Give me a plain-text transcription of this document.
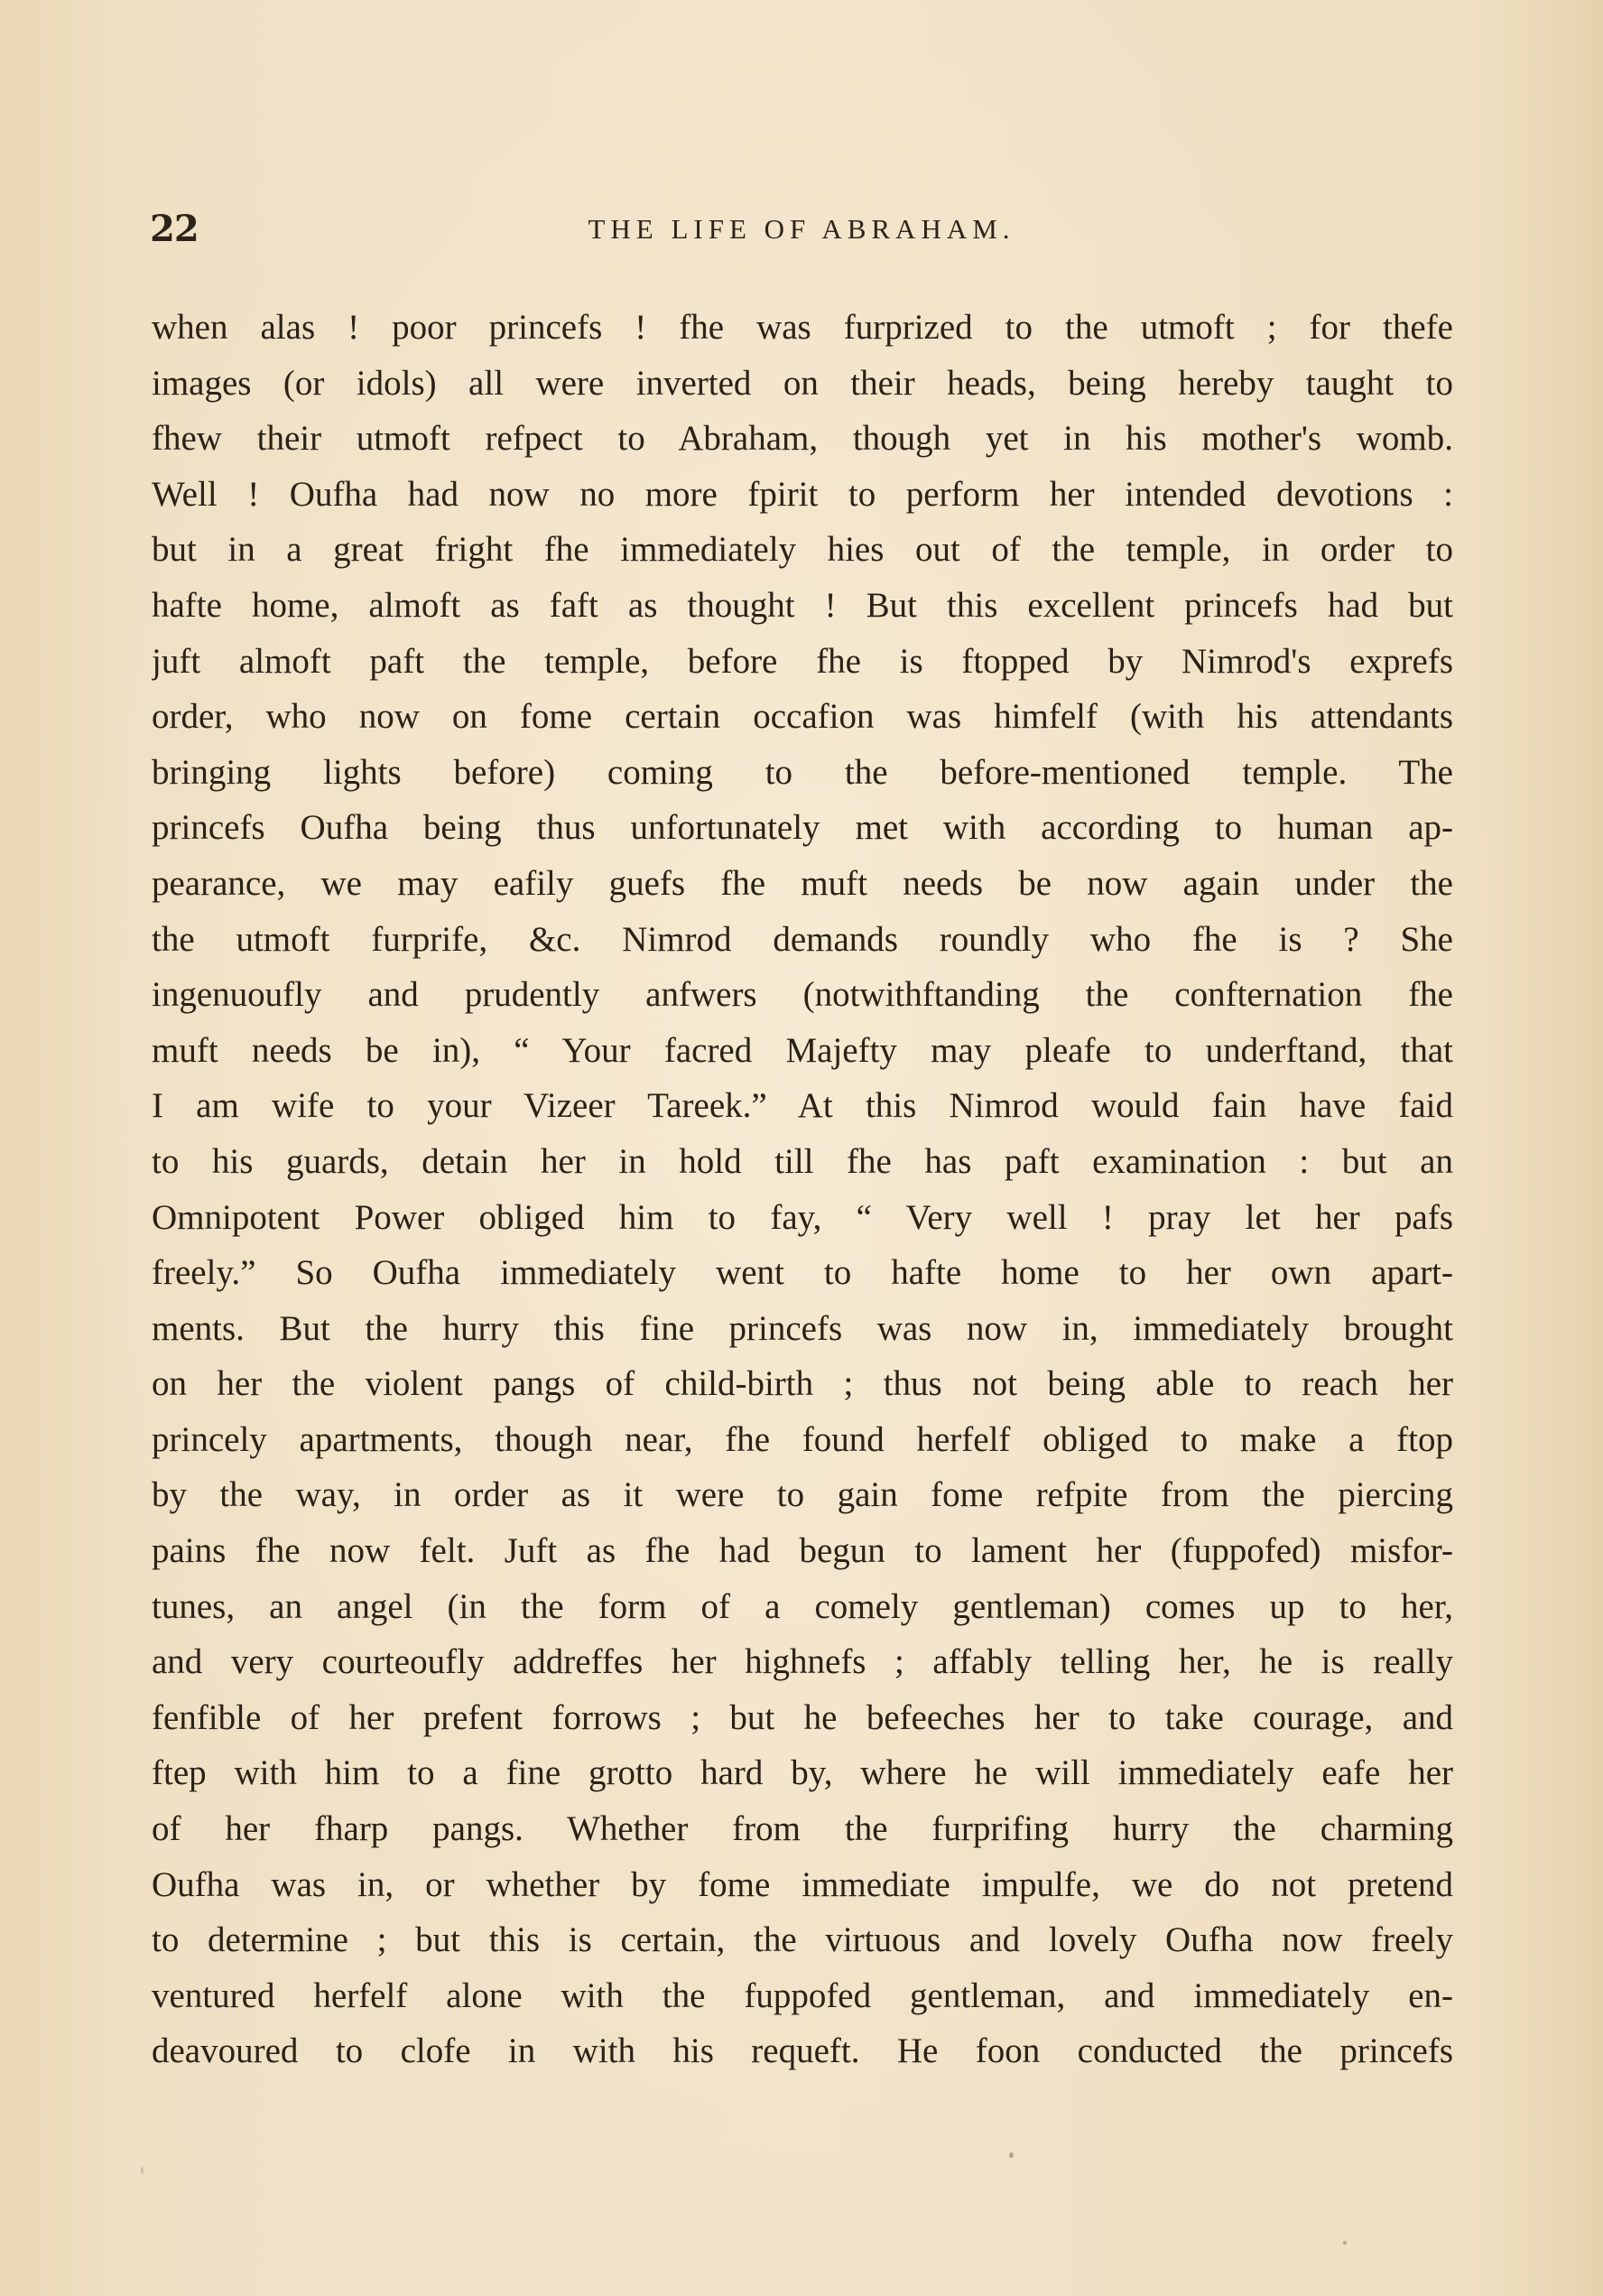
22	THE LIFE OF ABRAHAM.
when alas ! poor princefs ! fhe was furprized to the utmoft ; for thefe
images (or idols) all were inverted on their heads, being hereby taught to
fhew their utmoft refpect to Abraham, though yet in his mother's womb.
Well ! Oufha had now no more fpirit to perform her intended devotions :
but in a great fright fhe immediately hies out of the temple, in order to
hafte home, almoft as faft as thought ! But this excellent princefs had but
juft almoft paft the temple, before fhe is ftopped by Nimrod's exprefs
order, who now on fome certain occafion was himfelf (with his attendants
bringing lights before) coming to the before-mentioned temple. The
princefs Oufha being thus unfortunately met with according to human ap-
pearance, we may eafily guefs fhe muft needs be now again under the
the utmoft furprife, &c. Nimrod demands roundly who fhe is ? She
ingenuoufly and prudently anfwers (notwithftanding the confternation fhe
muft needs be in), “ Your facred Majefty may pleafe to underftand, that
I am wife to your Vizeer Tareek.” At this Nimrod would fain have faid
to his guards, detain her in hold till fhe has paft examination : but an
Omnipotent Power obliged him to fay, “ Very well ! pray let her pafs
freely.” So Oufha immediately went to hafte home to her own apart-
ments. But the hurry this fine princefs was now in, immediately brought
on her the violent pangs of child-birth ; thus not being able to reach her
princely apartments, though near, fhe found herfelf obliged to make a ftop
by the way, in order as it were to gain fome refpite from the piercing
pains fhe now felt. Juft as fhe had begun to lament her (fuppofed) misfor-
tunes, an angel (in the form of a comely gentleman) comes up to her,
and very courteoufly addreffes her highnefs ; affably telling her, he is really
fenfible of her prefent forrows ; but he befeeches her to take courage, and
ftep with him to a fine grotto hard by, where he will immediately eafe her
of her fharp pangs. Whether from the furprifing hurry the charming
Oufha was in, or whether by fome immediate impulfe, we do not pretend
to determine ; but this is certain, the virtuous and lovely Oufha now freely
ventured herfelf alone with the fuppofed gentleman, and immediately en-
deavoured to clofe in with his requeft. He foon conducted the princefs
